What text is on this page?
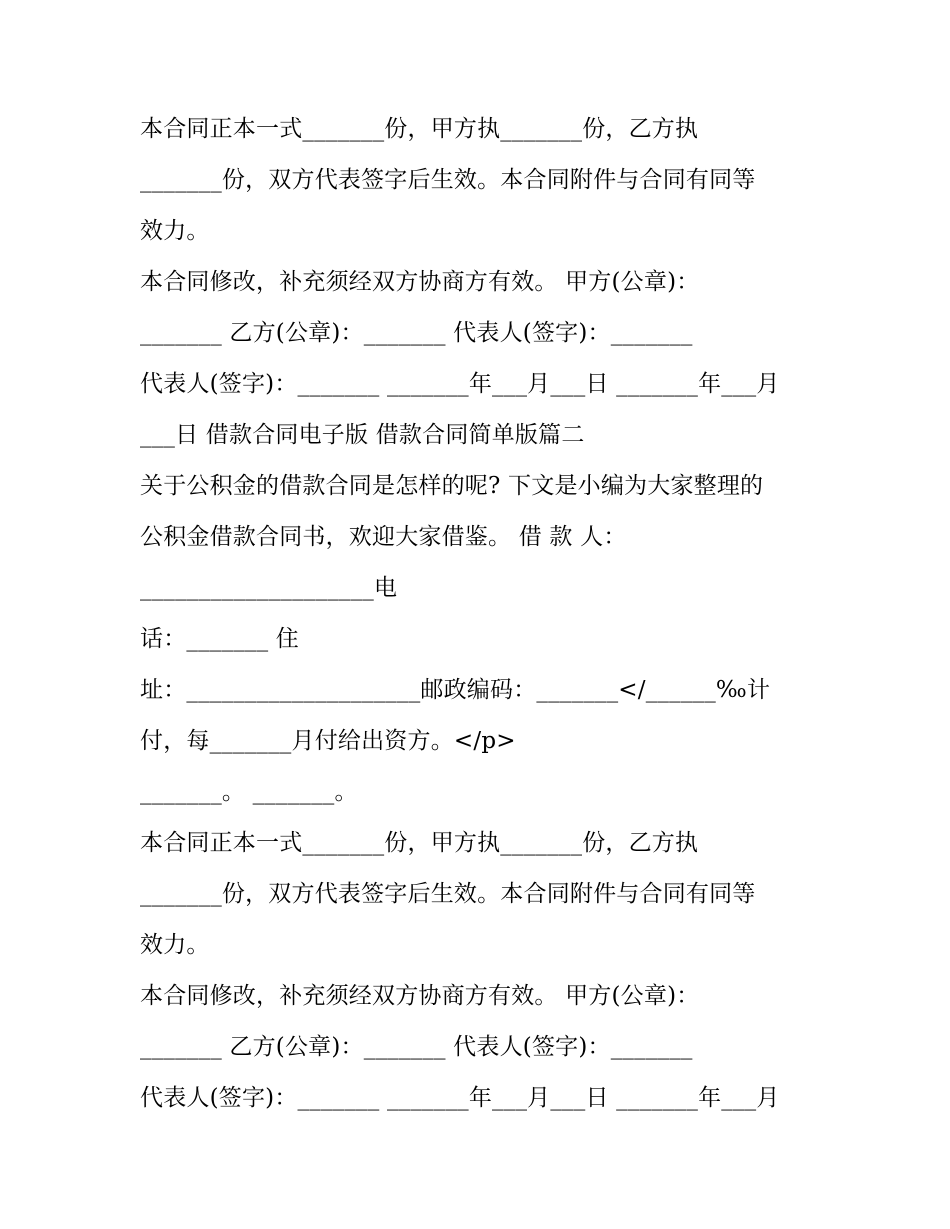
本合同正本一式_______份，甲方执_______份，乙方执
_______份，双方代表签字后生效。本合同附件与合同有同等
效力。
本合同修改，补充须经双方协商方有效。 甲方(公章)：
_______ 乙方(公章)：_______ 代表人(签字)：_______
代表人(签字)：_______ _______年___月___日 _______年___月
___日 借款合同电子版 借款合同简单版篇二
关于公积金的借款合同是怎样的呢? 下文是小编为大家整理的
公积金借款合同书，欢迎大家借鉴。 借 款 人：
____________________电
话：_______ 住
址：____________________邮政编码：_______</______‰计
付，每_______月付给出资方。</p>
_______。 _______。
本合同正本一式_______份，甲方执_______份，乙方执
_______份，双方代表签字后生效。本合同附件与合同有同等
效力。
本合同修改，补充须经双方协商方有效。 甲方(公章)：
_______ 乙方(公章)：_______ 代表人(签字)：_______
代表人(签字)：_______ _______年___月___日 _______年___月
